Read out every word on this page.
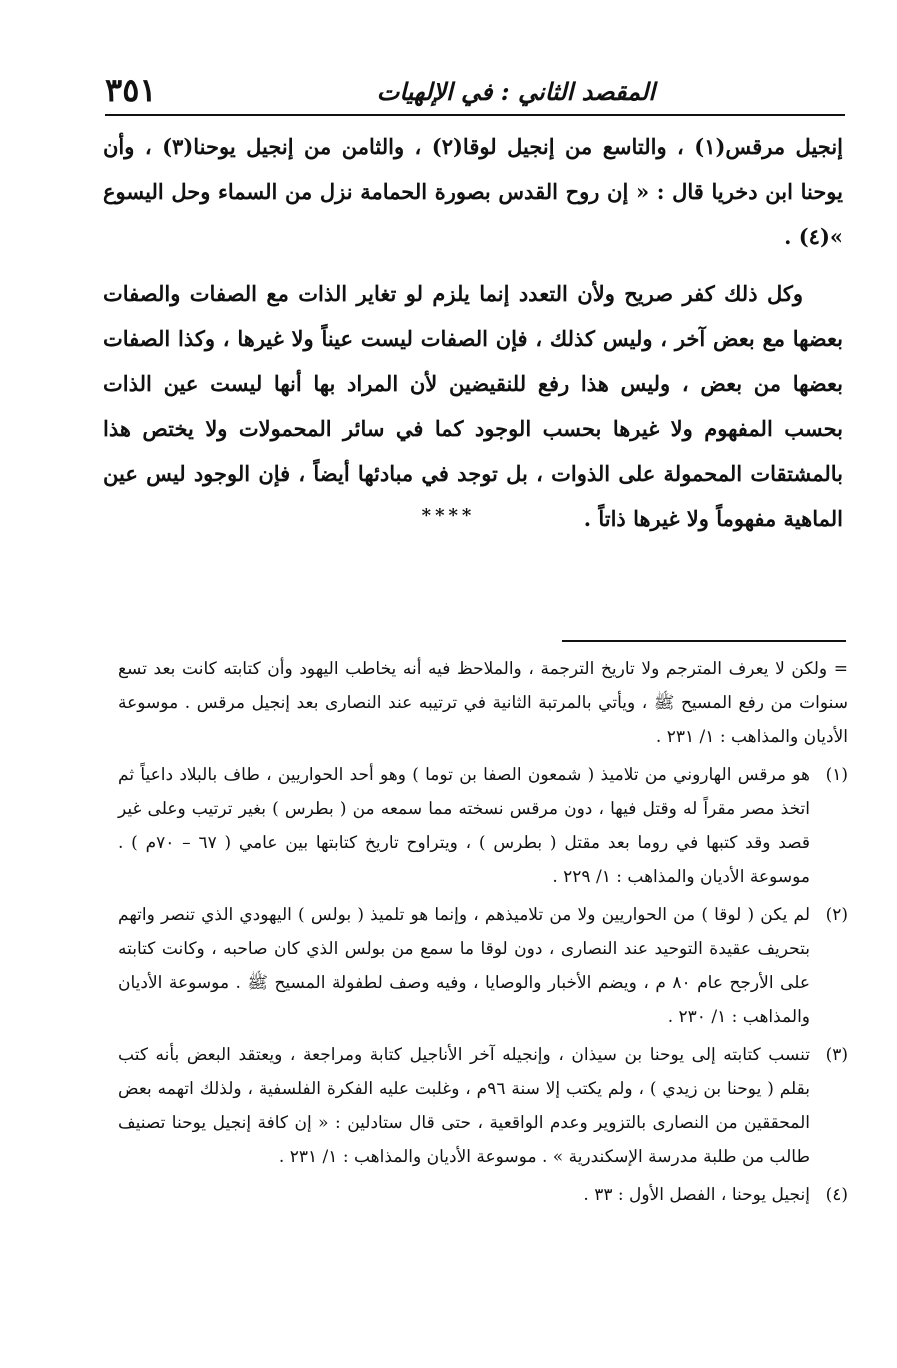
٣٥١	المقصد الثاني : في الإلهيات

إنجيل مرقس(١) ، والتاسع من إنجيل لوقا(٢) ، والثامن من إنجيل يوحنا(٣) ، وأن يوحنا ابن دخريا قال : « إن روح القدس بصورة الحمامة نزل من السماء وحل اليسوع »(٤) .

وكل ذلك كفر صريح ولأن التعدد إنما يلزم لو تغاير الذات مع الصفات والصفات بعضها مع بعض آخر ، وليس كذلك ، فإن الصفات ليست عيناً ولا غيرها ، وكذا الصفات بعضها من بعض ، وليس هذا رفع للنقيضين لأن المراد بها أنها ليست عين الذات بحسب المفهوم ولا غيرها بحسب الوجود كما في سائر المحمولات ولا يختص هذا بالمشتقات المحمولة على الذوات ، بل توجد في مبادئها أيضاً ، فإن الوجود ليس عين الماهية مفهوماً ولا غيرها ذاتاً .

****
= ولكن لا يعرف المترجم ولا تاريخ الترجمة ، والملاحظ فيه أنه يخاطب اليهود وأن كتابته كانت بعد تسع سنوات من رفع المسيح ﷺ ، ويأتي بالمرتبة الثانية في ترتيبه عند النصارى بعد إنجيل مرقس . موسوعة الأديان والمذاهب : ١/ ٢٣١ .
(١)
هو مرقس الهاروني من تلاميذ ( شمعون الصفا بن توما ) وهو أحد الحواريين ، طاف بالبلاد داعياً ثم اتخذ مصر مقراً له وقتل فيها ، دون مرقس نسخته مما سمعه من ( بطرس ) بغير ترتيب وعلى غير قصد وقد كتبها في روما بعد مقتل ( بطرس ) ، ويتراوح تاريخ كتابتها بين عامي ( ٦٧ – ٧٠م ) . موسوعة الأديان والمذاهب : ١/ ٢٢٩ .
(٢)
لم يكن ( لوقا ) من الحواريين ولا من تلاميذهم ، وإنما هو تلميذ ( بولس ) اليهودي الذي تنصر واتهم بتحريف عقيدة التوحيد عند النصارى ، دون لوقا ما سمع من بولس الذي كان صاحبه ، وكانت كتابته على الأرجح عام ٨٠ م ، ويضم الأخبار والوصايا ، وفيه وصف لطفولة المسيح ﷺ . موسوعة الأديان والمذاهب : ١/ ٢٣٠ .
(٣)
تنسب كتابته إلى يوحنا بن سيذان ، وإنجيله آخر الأناجيل كتابة ومراجعة ، ويعتقد البعض بأنه كتب بقلم ( يوحنا بن زيدي ) ، ولم يكتب إلا سنة ٩٦م ، وغلبت عليه الفكرة الفلسفية ، ولذلك اتهمه بعض المحققين من النصارى بالتزوير وعدم الواقعية ، حتى قال ستادلين : « إن كافة إنجيل يوحنا تصنيف طالب من طلبة مدرسة الإسكندرية » . موسوعة الأديان والمذاهب : ١/ ٢٣١ .
(٤)
إنجيل يوحنا ، الفصل الأول : ٣٣ .
